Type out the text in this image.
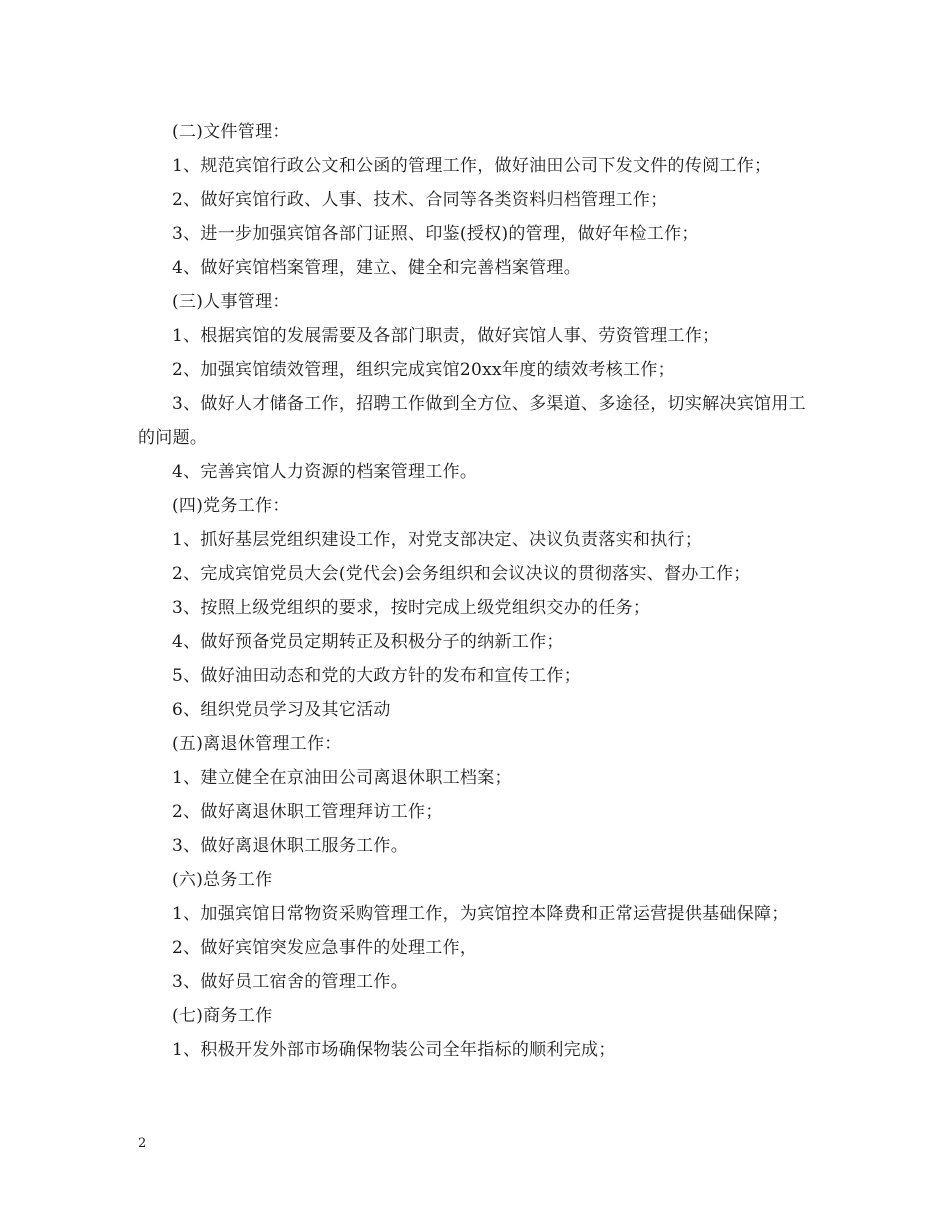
(二)文件管理：

1、规范宾馆行政公文和公函的管理工作，做好油田公司下发文件的传阅工作；

2、做好宾馆行政、人事、技术、合同等各类资料归档管理工作；

3、进一步加强宾馆各部门证照、印鉴(授权)的管理，做好年检工作；

4、做好宾馆档案管理，建立、健全和完善档案管理。

(三)人事管理：

1、根据宾馆的发展需要及各部门职责，做好宾馆人事、劳资管理工作；

2、加强宾馆绩效管理，组织完成宾馆20xx年度的绩效考核工作；

3、做好人才储备工作，招聘工作做到全方位、多渠道、多途径，切实解决宾馆用工的问题。

4、完善宾馆人力资源的档案管理工作。

(四)党务工作：

1、抓好基层党组织建设工作，对党支部决定、决议负责落实和执行；

2、完成宾馆党员大会(党代会)会务组织和会议决议的贯彻落实、督办工作；

3、按照上级党组织的要求，按时完成上级党组织交办的任务；

4、做好预备党员定期转正及积极分子的纳新工作；

5、做好油田动态和党的大政方针的发布和宣传工作；

6、组织党员学习及其它活动

(五)离退休管理工作：

1、建立健全在京油田公司离退休职工档案；

2、做好离退休职工管理拜访工作；

3、做好离退休职工服务工作。

(六)总务工作

1、加强宾馆日常物资采购管理工作，为宾馆控本降费和正常运营提供基础保障；

2、做好宾馆突发应急事件的处理工作，

3、做好员工宿舍的管理工作。

(七)商务工作

1、积极开发外部市场确保物装公司全年指标的顺利完成；

2
